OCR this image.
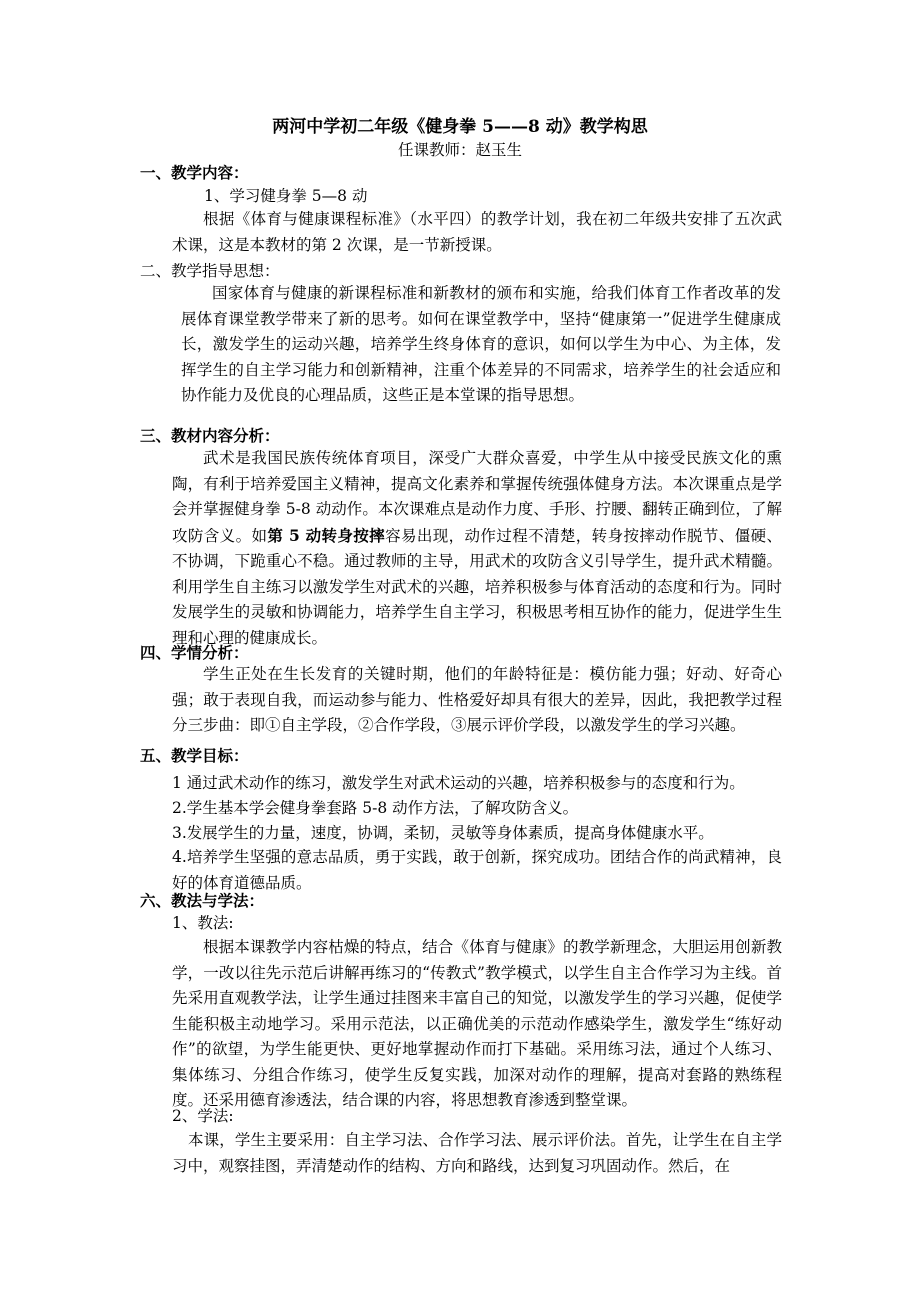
两河中学初二年级《健身拳 5——8 动》教学构思
任课教师：赵玉生
一、教学内容：
1、学习健身拳 5—8 动

根据《体育与健康课程标准》（水平四）的教学计划，我在初二年级共安排了五次武术课，这是本教材的第 2 次课，是一节新授课。

二、教学指导思想：

国家体育与健康的新课程标准和新教材的颁布和实施，给我们体育工作者改革的发展体育课堂教学带来了新的思考。如何在课堂教学中，坚持“健康第一”促进学生健康成长，激发学生的运动兴趣，培养学生终身体育的意识，如何以学生为中心、为主体，发挥学生的自主学习能力和创新精神，注重个体差异的不同需求，培养学生的社会适应和协作能力及优良的心理品质，这些正是本堂课的指导思想。

三、教材内容分析：

武术是我国民族传统体育项目，深受广大群众喜爱，中学生从中接受民族文化的熏陶，有利于培养爱国主义精神，提高文化素养和掌握传统强体健身方法。本次课重点是学会并掌握健身拳 5-8 动动作。本次课难点是动作力度、手形、拧腰、翻转正确到位，了解攻防含义。如第 5 动转身按摔容易出现，动作过程不清楚，转身按摔动作脱节、僵硬、不协调，下跪重心不稳。通过教师的主导，用武术的攻防含义引导学生，提升武术精髓。利用学生自主练习以激发学生对武术的兴趣，培养积极参与体育活动的态度和行为。同时发展学生的灵敏和协调能力，培养学生自主学习，积极思考相互协作的能力，促进学生生理和心理的健康成长。

四、学情分析：

学生正处在生长发育的关键时期，他们的年龄特征是：模仿能力强；好动、好奇心强；敢于表现自我，而运动参与能力、性格爱好却具有很大的差异，因此，我把教学过程分三步曲：即①自主学段，②合作学段，③展示评价学段，以激发学生的学习兴趣。

五、教学目标：
1 通过武术动作的练习，激发学生对武术运动的兴趣，培养积极参与的态度和行为。
2.学生基本学会健身拳套路 5-8 动作方法，了解攻防含义。
3.发展学生的力量，速度，协调，柔韧，灵敏等身体素质，提高身体健康水平。

4.培养学生坚强的意志品质，勇于实践，敢于创新，探究成功。团结合作的尚武精神，良好的体育道德品质。

六、教法与学法：
1、教法:

根据本课教学内容枯燥的特点，结合《体育与健康》的教学新理念，大胆运用创新教学，一改以往先示范后讲解再练习的“传教式”教学模式，以学生自主合作学习为主线。首先采用直观教学法，让学生通过挂图来丰富自己的知觉，以激发学生的学习兴趣，促使学生能积极主动地学习。采用示范法，以正确优美的示范动作感染学生，激发学生“练好动作”的欲望，为学生能更快、更好地掌握动作而打下基础。采用练习法，通过个人练习、集体练习、分组合作练习，使学生反复实践，加深对动作的理解，提高对套路的熟练程度。还采用德育渗透法，结合课的内容，将思想教育渗透到整堂课。

2、学法:

本课，学生主要采用：自主学习法、合作学习法、展示评价法。首先，让学生在自主学习中，观察挂图，弄清楚动作的结构、方向和路线，达到复习巩固动作。然后，在
